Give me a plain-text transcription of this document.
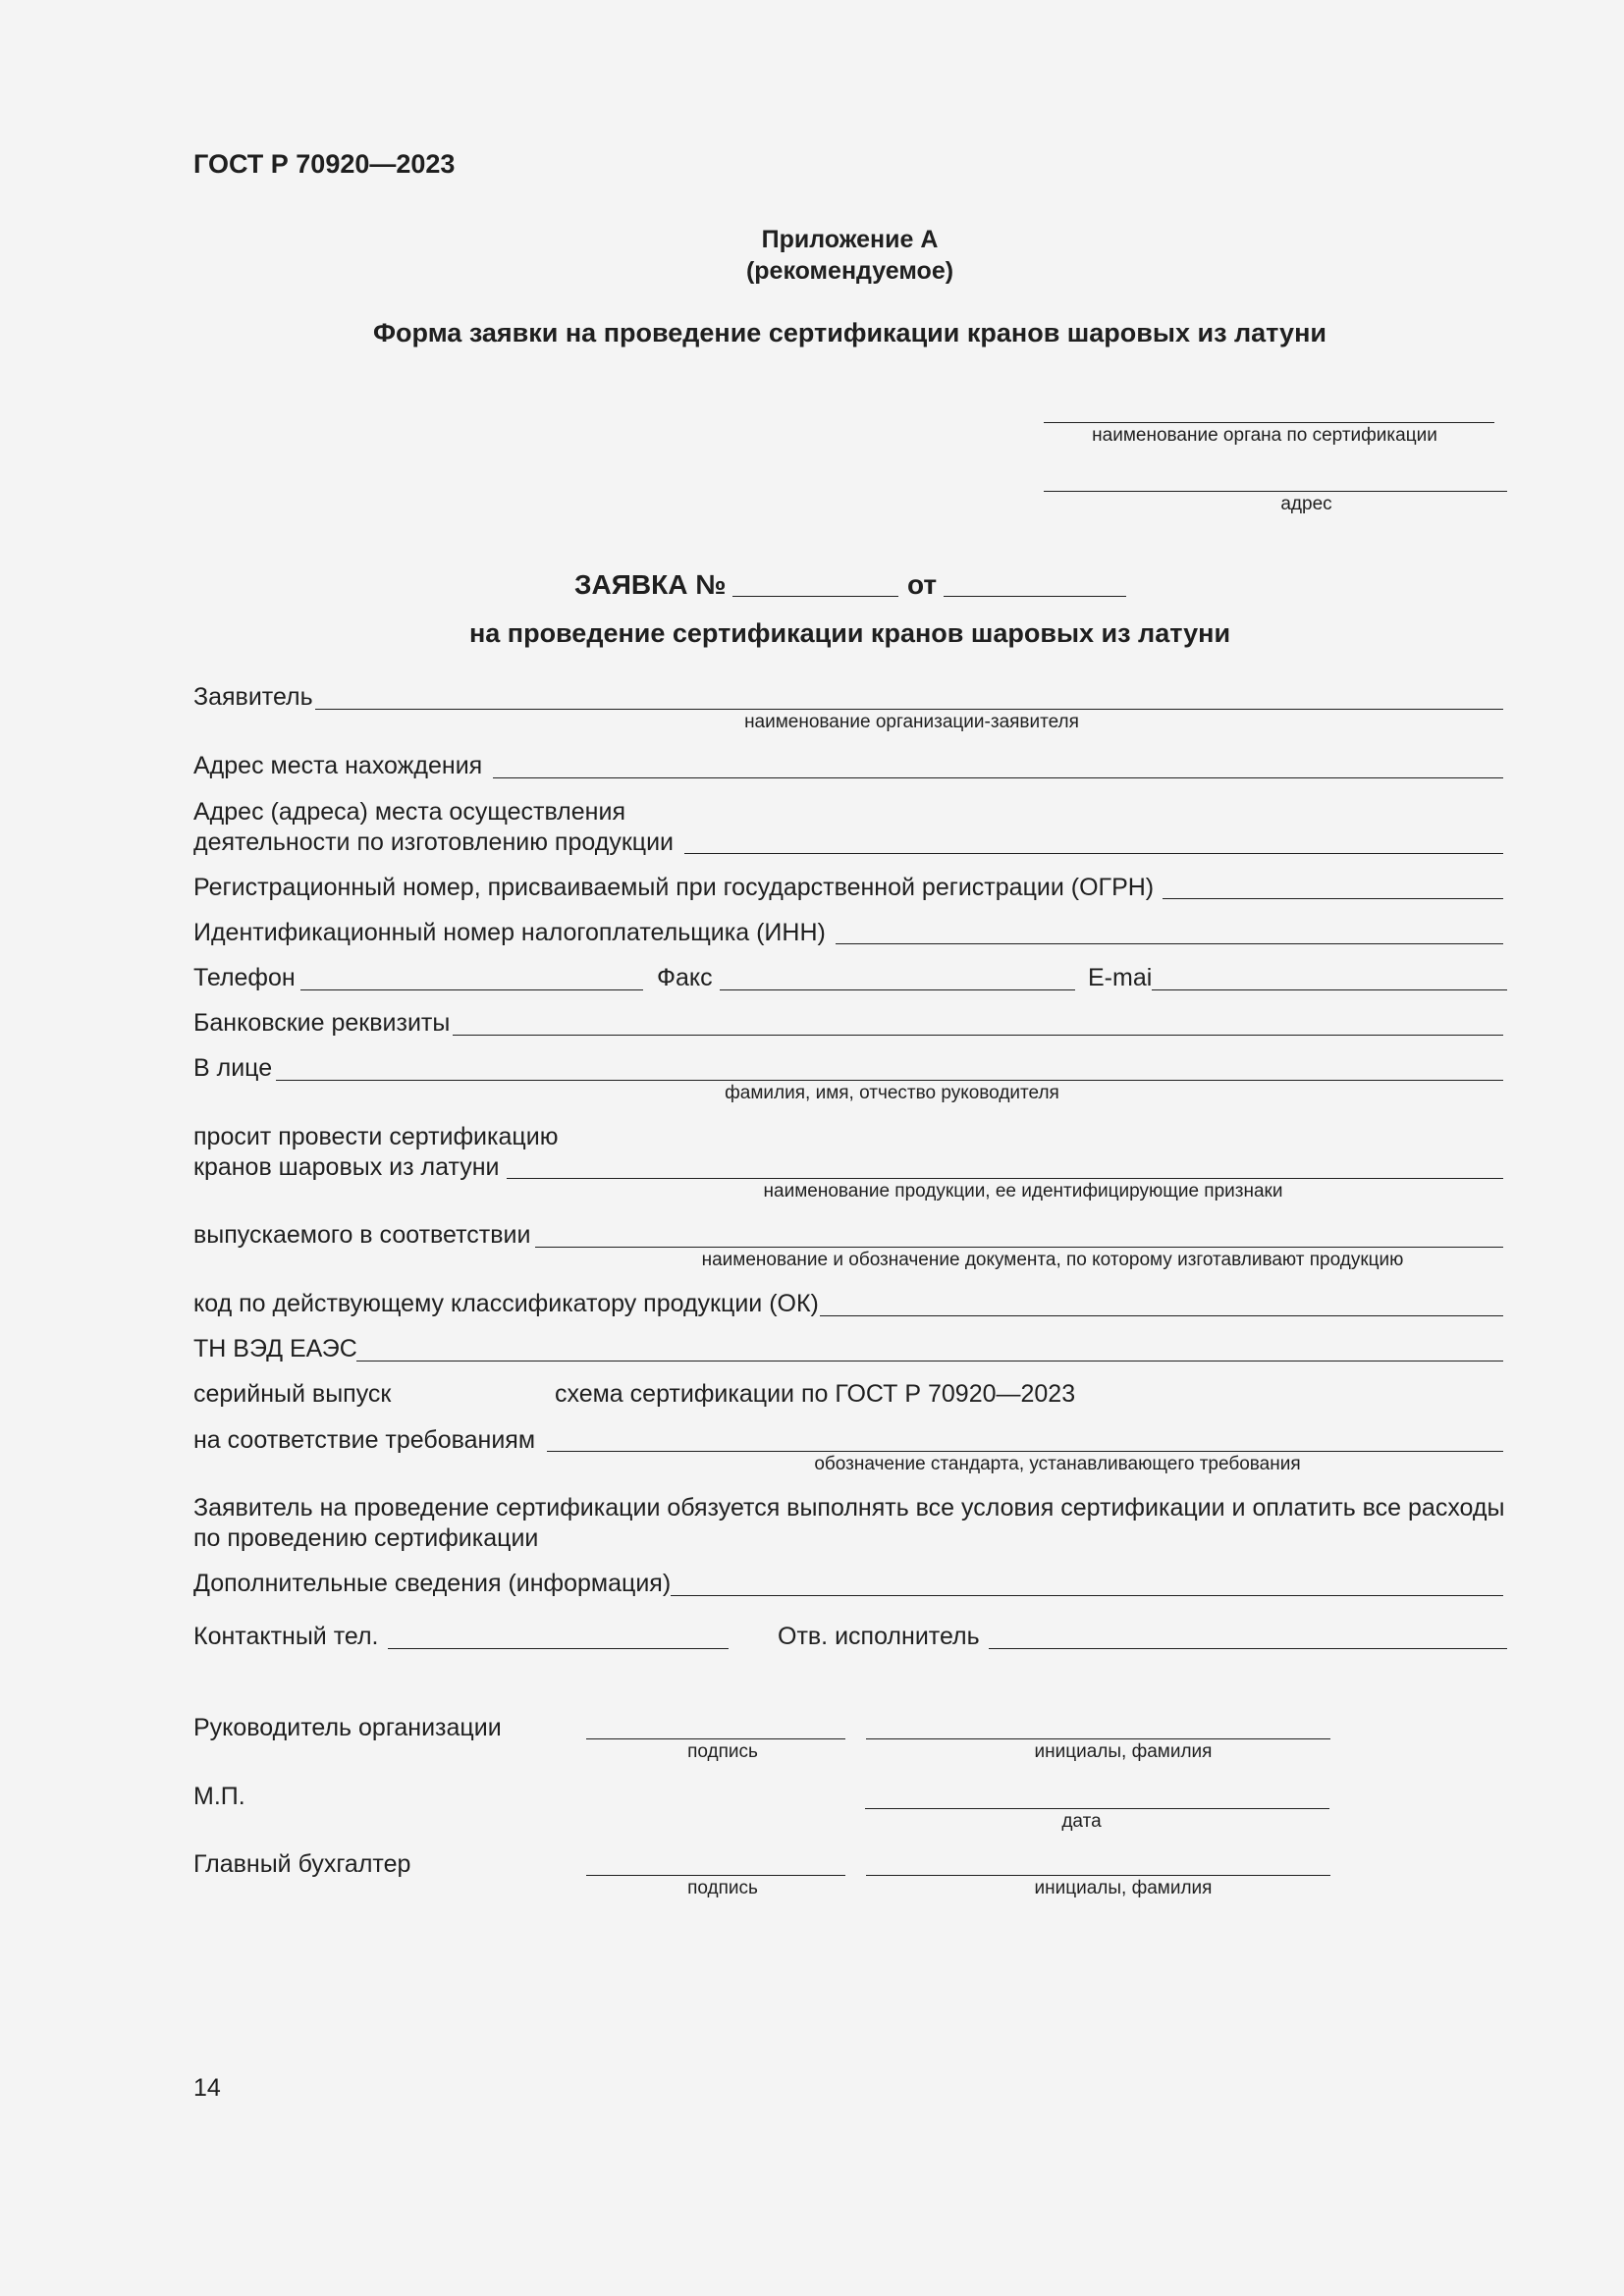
ГОСТ Р 70920—2023
Приложение А
(рекомендуемое)
Форма заявки на проведение сертификации кранов шаровых из латуни
наименование органа по сертификации
адрес
ЗАЯВКА №	от
на проведение сертификации кранов шаровых из латуни
Заявитель
наименование организации-заявителя
Адрес места нахождения
Адрес (адреса) места осуществления
деятельности по изготовлению продукции
Регистрационный номер, присваиваемый при государственной регистрации (ОГРН)
Идентификационный номер налогоплательщика (ИНН)
Телефон	Факс	E-mai
Банковские реквизиты
В лице
фамилия, имя, отчество руководителя
просит провести сертификацию
кранов шаровых из латуни
наименование продукции, ее идентифицирующие признаки
выпускаемого в соответствии
наименование и обозначение документа, по которому изготавливают продукцию
код по действующему классификатору продукции (ОК)
ТН ВЭД ЕАЭС
серийный выпуск	схема сертификации по ГОСТ Р 70920—2023
на соответствие требованиям
обозначение стандарта, устанавливающего требования
Заявитель на проведение сертификации обязуется выполнять все условия сертификации и оплатить все расходы
по проведению сертификации
Дополнительные сведения (информация)
Контактный тел.	Отв. исполнитель
Руководитель организации
подпись	инициалы, фамилия
М.П.
дата
Главный бухгалтер
подпись	инициалы, фамилия
14
